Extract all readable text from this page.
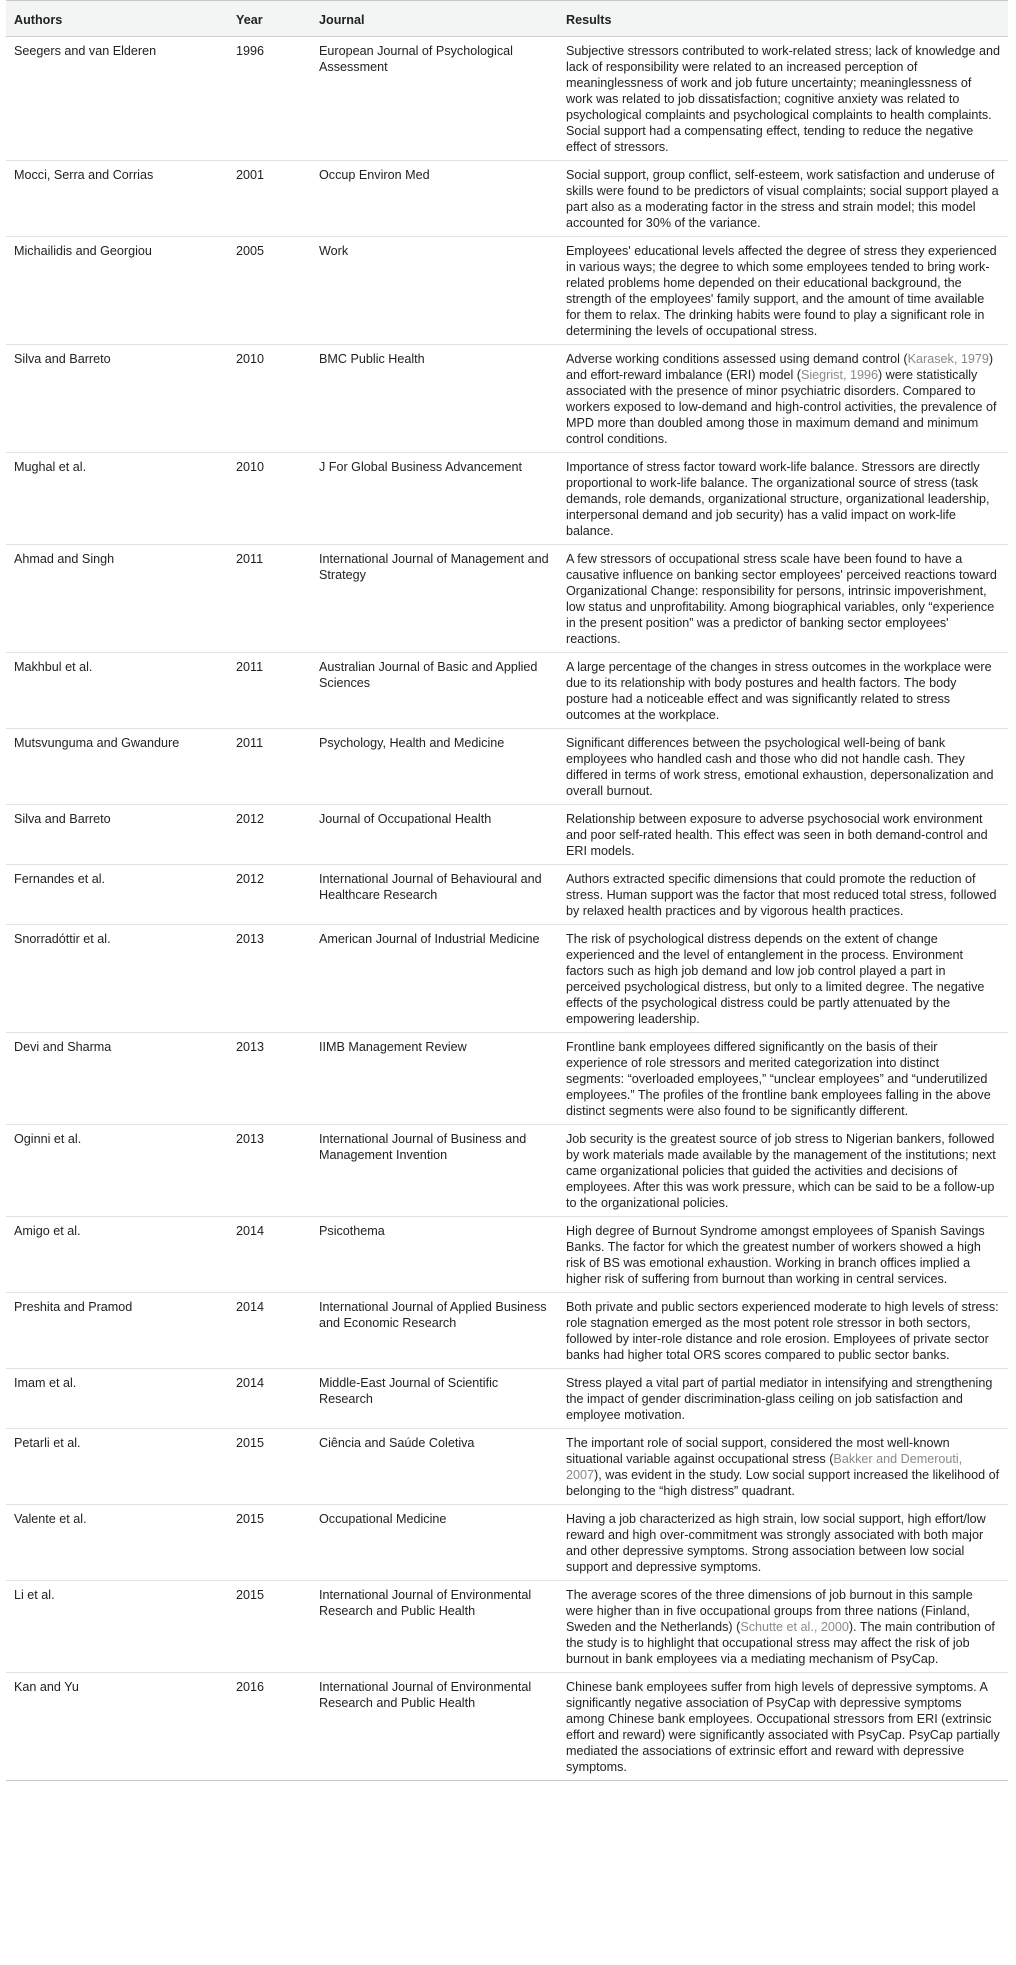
Authors	Year	Journal	Results
Seegers and van Elderen	1996	European Journal of Psychological Assessment	Subjective stressors contributed to work-related stress; lack of knowledge and lack of responsibility were related to an increased perception of meaninglessness of work and job future uncertainty; meaninglessness of work was related to job dissatisfaction; cognitive anxiety was related to psychological complaints and psychological complaints to health complaints.
Social support had a compensating effect, tending to reduce the negative effect of stressors.
Mocci, Serra and Corrias	2001	Occup Environ Med	Social support, group conflict, self-esteem, work satisfaction and underuse of skills were found to be predictors of visual complaints; social support played a part also as a moderating factor in the stress and strain model; this model accounted for 30% of the variance.
Michailidis and Georgiou	2005	Work	Employees' educational levels affected the degree of stress they experienced in various ways; the degree to which some employees tended to bring work-related problems home depended on their educational background, the strength of the employees' family support, and the amount of time available for them to relax. The drinking habits were found to play a significant role in determining the levels of occupational stress.
Silva and Barreto	2010	BMC Public Health	Adverse working conditions assessed using demand control (Karasek, 1979) and effort-reward imbalance (ERI) model (Siegrist, 1996) were statistically associated with the presence of minor psychiatric disorders. Compared to workers exposed to low-demand and high-control activities, the prevalence of MPD more than doubled among those in maximum demand and minimum control conditions.
Mughal et al.	2010	J For Global Business Advancement	Importance of stress factor toward work-life balance. Stressors are directly proportional to work-life balance. The organizational source of stress (task demands, role demands, organizational structure, organizational leadership, interpersonal demand and job security) has a valid impact on work-life balance.
Ahmad and Singh	2011	International Journal of Management and Strategy	A few stressors of occupational stress scale have been found to have a causative influence on banking sector employees' perceived reactions toward Organizational Change: responsibility for persons, intrinsic impoverishment, low status and unprofitability. Among biographical variables, only “experience in the present position” was a predictor of banking sector employees' reactions.
Makhbul et al.	2011	Australian Journal of Basic and Applied Sciences	A large percentage of the changes in stress outcomes in the workplace were due to its relationship with body postures and health factors. The body posture had a noticeable effect and was significantly related to stress outcomes at the workplace.
Mutsvunguma and Gwandure	2011	Psychology, Health and Medicine	Significant differences between the psychological well-being of bank employees who handled cash and those who did not handle cash. They differed in terms of work stress, emotional exhaustion, depersonalization and overall burnout.
Silva and Barreto	2012	Journal of Occupational Health	Relationship between exposure to adverse psychosocial work environment and poor self-rated health. This effect was seen in both demand-control and ERI models.
Fernandes et al.	2012	International Journal of Behavioural and Healthcare Research	Authors extracted specific dimensions that could promote the reduction of stress. Human support was the factor that most reduced total stress, followed by relaxed health practices and by vigorous health practices.
Snorradóttir et al.	2013	American Journal of Industrial Medicine	The risk of psychological distress depends on the extent of change experienced and the level of entanglement in the process. Environment factors such as high job demand and low job control played a part in perceived psychological distress, but only to a limited degree. The negative effects of the psychological distress could be partly attenuated by the empowering leadership.
Devi and Sharma	2013	IIMB Management Review	Frontline bank employees differed significantly on the basis of their experience of role stressors and merited categorization into distinct segments: “overloaded employees,” “unclear employees” and “underutilized employees.” The profiles of the frontline bank employees falling in the above distinct segments were also found to be significantly different.
Oginni et al.	2013	International Journal of Business and Management Invention	Job security is the greatest source of job stress to Nigerian bankers, followed by work materials made available by the management of the institutions; next came organizational policies that guided the activities and decisions of employees. After this was work pressure, which can be said to be a follow-up to the organizational policies.
Amigo et al.	2014	Psicothema	High degree of Burnout Syndrome amongst employees of Spanish Savings Banks. The factor for which the greatest number of workers showed a high risk of BS was emotional exhaustion. Working in branch offices implied a higher risk of suffering from burnout than working in central services.
Preshita and Pramod	2014	International Journal of Applied Business and Economic Research	Both private and public sectors experienced moderate to high levels of stress: role stagnation emerged as the most potent role stressor in both sectors, followed by inter-role distance and role erosion. Employees of private sector banks had higher total ORS scores compared to public sector banks.
Imam et al.	2014	Middle-East Journal of Scientific Research	Stress played a vital part of partial mediator in intensifying and strengthening the impact of gender discrimination-glass ceiling on job satisfaction and employee motivation.
Petarli et al.	2015	Ciência and Saúde Coletiva	The important role of social support, considered the most well-known situational variable against occupational stress (Bakker and Demerouti, 2007), was evident in the study. Low social support increased the likelihood of belonging to the “high distress” quadrant.
Valente et al.	2015	Occupational Medicine	Having a job characterized as high strain, low social support, high effort/low reward and high over-commitment was strongly associated with both major and other depressive symptoms. Strong association between low social support and depressive symptoms.
Li et al.	2015	International Journal of Environmental Research and Public Health	The average scores of the three dimensions of job burnout in this sample were higher than in five occupational groups from three nations (Finland, Sweden and the Netherlands) (Schutte et al., 2000). The main contribution of the study is to highlight that occupational stress may affect the risk of job burnout in bank employees via a mediating mechanism of PsyCap.
Kan and Yu	2016	International Journal of Environmental Research and Public Health	Chinese bank employees suffer from high levels of depressive symptoms. A significantly negative association of PsyCap with depressive symptoms among Chinese bank employees. Occupational stressors from ERI (extrinsic effort and reward) were significantly associated with PsyCap. PsyCap partially mediated the associations of extrinsic effort and reward with depressive symptoms.
